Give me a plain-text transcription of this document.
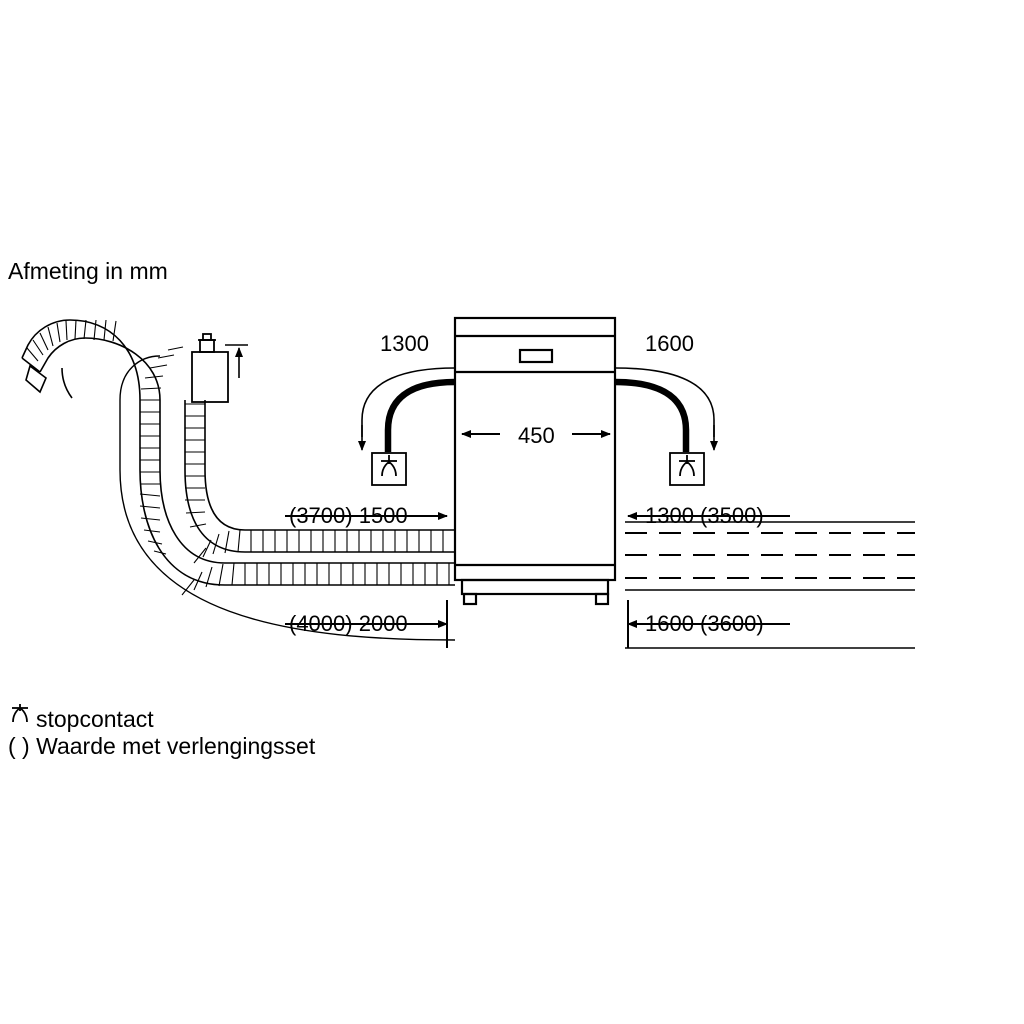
Afmeting in mm
1300	1600
450
(3700) 1500	1300 (3500)
(4000) 2000	1600 (3600)
stopcontact
( ) Waarde met verlengingsset
